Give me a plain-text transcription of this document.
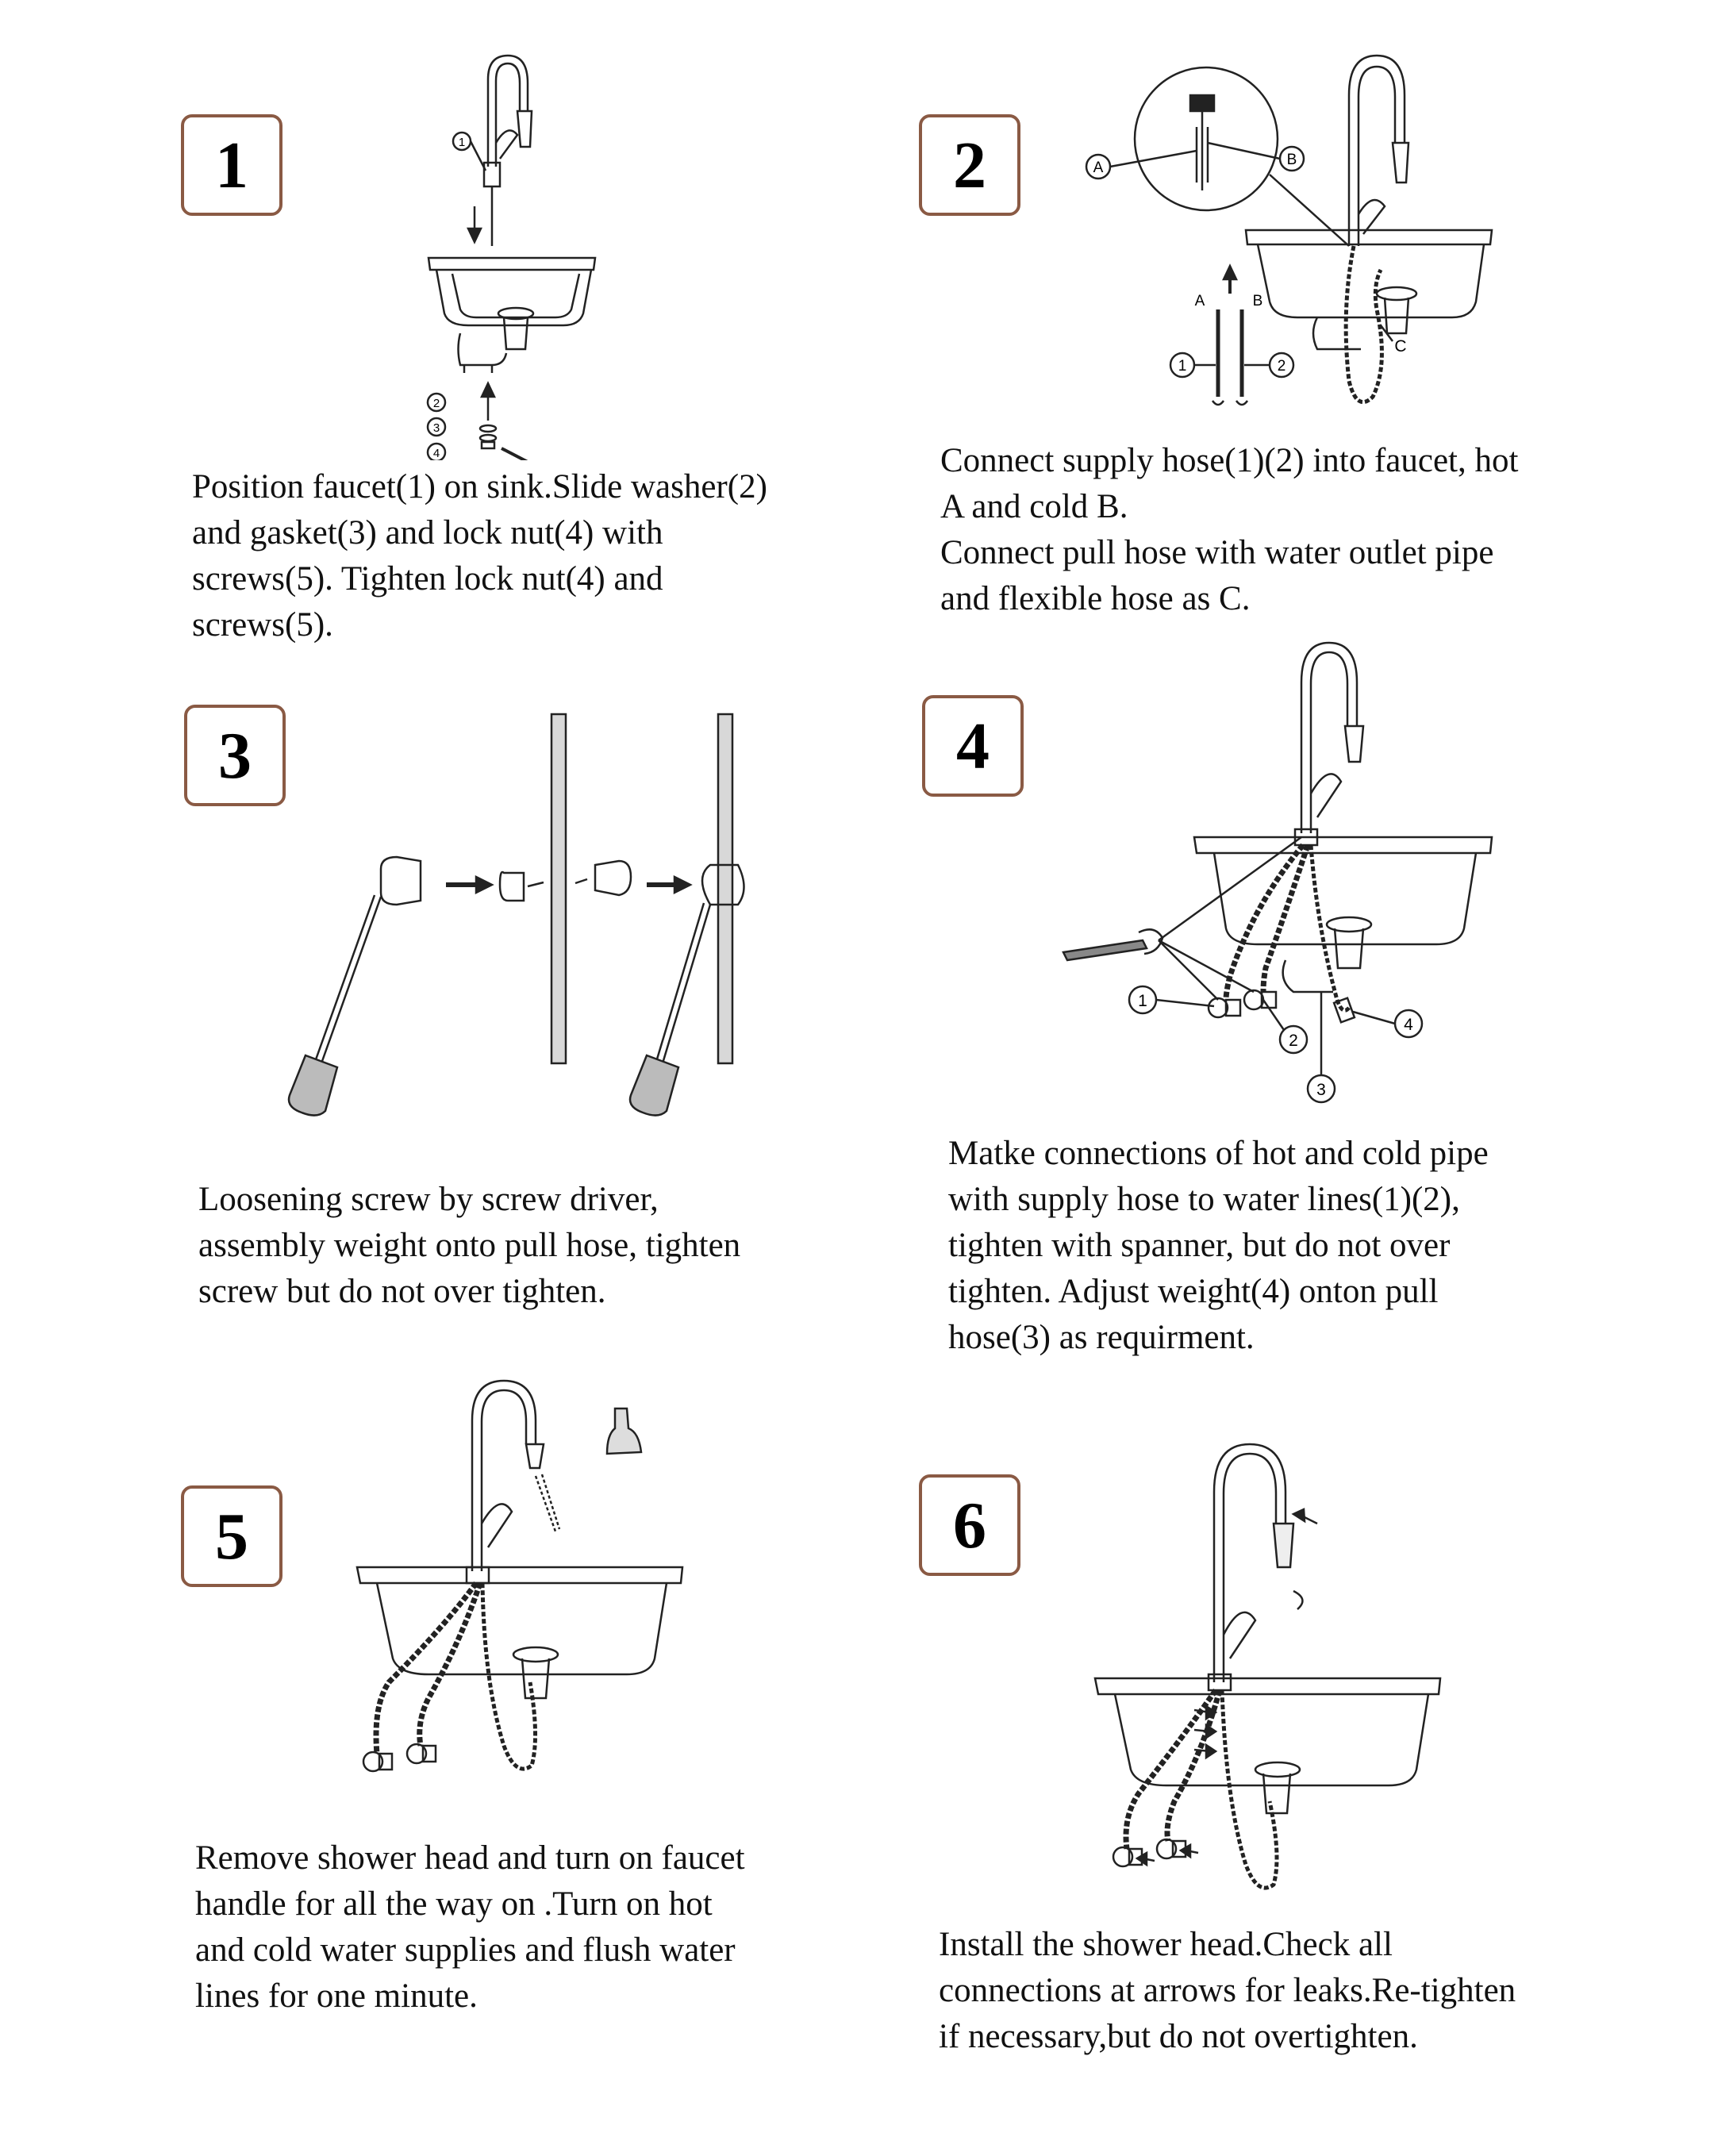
1	1
2
3
4

Position faucet(1) on sink.Slide washer(2)
and gasket(3) and lock nut(4) with
screws(5). Tighten lock nut(4) and
screws(5).

2	A	B
A	B
1	2
C

Connect supply hose(1)(2) into faucet, hot
A and cold B.
Connect pull hose with water outlet pipe
and flexible hose as C.

3

Loosening screw by screw driver,
assembly weight onto pull hose, tighten
screw but do not over tighten.

4
1
2
3
4

Matke connections of hot and cold pipe
with supply hose to water lines(1)(2),
tighten with spanner, but do not over
tighten. Adjust weight(4) onton pull
hose(3) as requirment.

5

Remove shower head and turn on faucet
handle for all the way on .Turn on hot
and cold water supplies and flush water
lines for one minute.

6

Install the shower head.Check all
connections at arrows for leaks.Re-tighten
if necessary,but do not overtighten.
